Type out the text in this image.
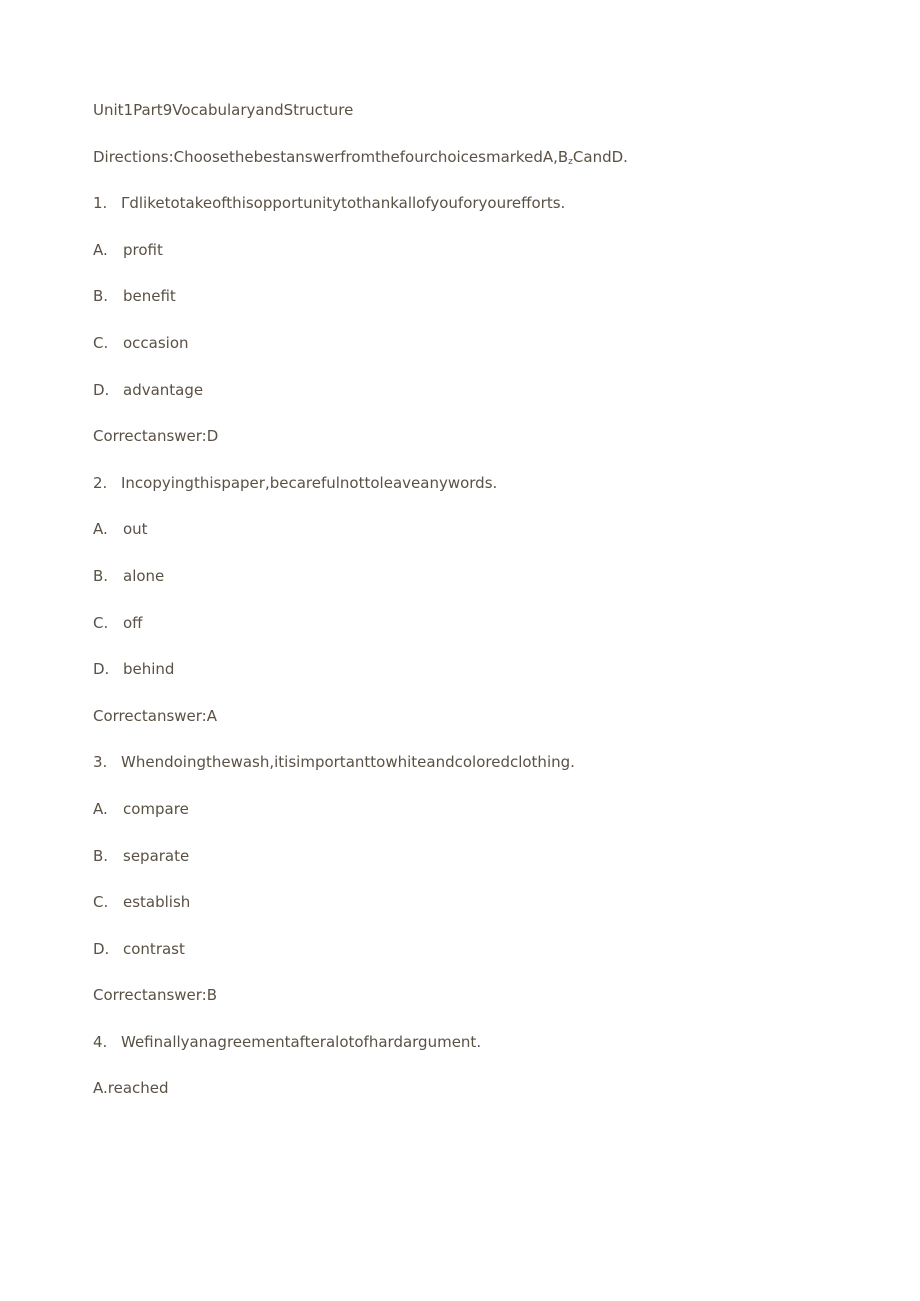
Unit1Part9VocabularyandStructure
$Directions:ChoosethebestanswerfromthefourchoicesmarkedA,B_zCandD$.
1. Γdliketotakeofthisopportunitytothankallofyouforyourefforts.
A. profit
B. benefit
C. occasion
D. advantage
Correctanswer:D
2. Incopyingthispaper,becarefulnottoleaveanywords.
A. out
B. alone
C. off
D. behind
Correctanswer:A
3. Whendoingthewash,itisimportanttowhiteandcoloredclothing.
A. compare
B. separate
C. establish
D. contrast
Correctanswer:B
4. Wefinallyanagreementafteralotofhardargument.
A.reached
